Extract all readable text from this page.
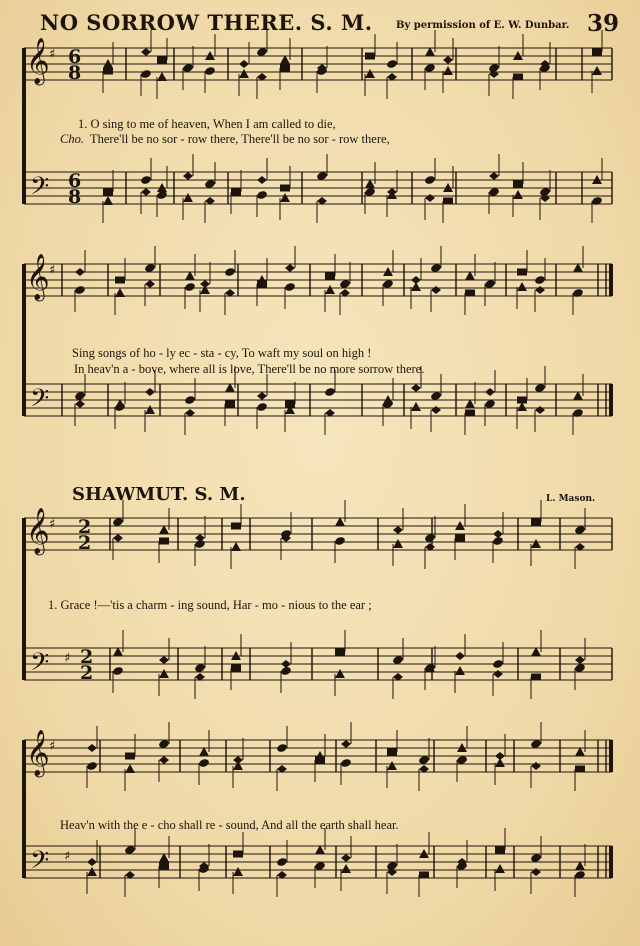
𝄞 ♯ 6
8
𝄢 6
8
𝄞 ♯
𝄢
𝄞 ♯ 2
2
𝄢 ♯ 2
2
𝄞 ♯
𝄢 ♯
NO SORROW THERE. S. M. By permission of E. W. Dunbar. 39
1. O sing to me of heaven, When I am called to die,
Cho. There'll be no sor - row there, There'll be no sor - row there,
Sing songs of ho - ly ec - sta - cy, To waft my soul on high !
In heav'n a - bove, where all is love, There'll be no more sorrow there.
SHAWMUT. S. M.	L. Mason.
1. Grace !—'tis a charm - ing sound, Har - mo - nious to the ear ;
Heav'n with the e - cho shall re - sound, And all the earth shall hear.
